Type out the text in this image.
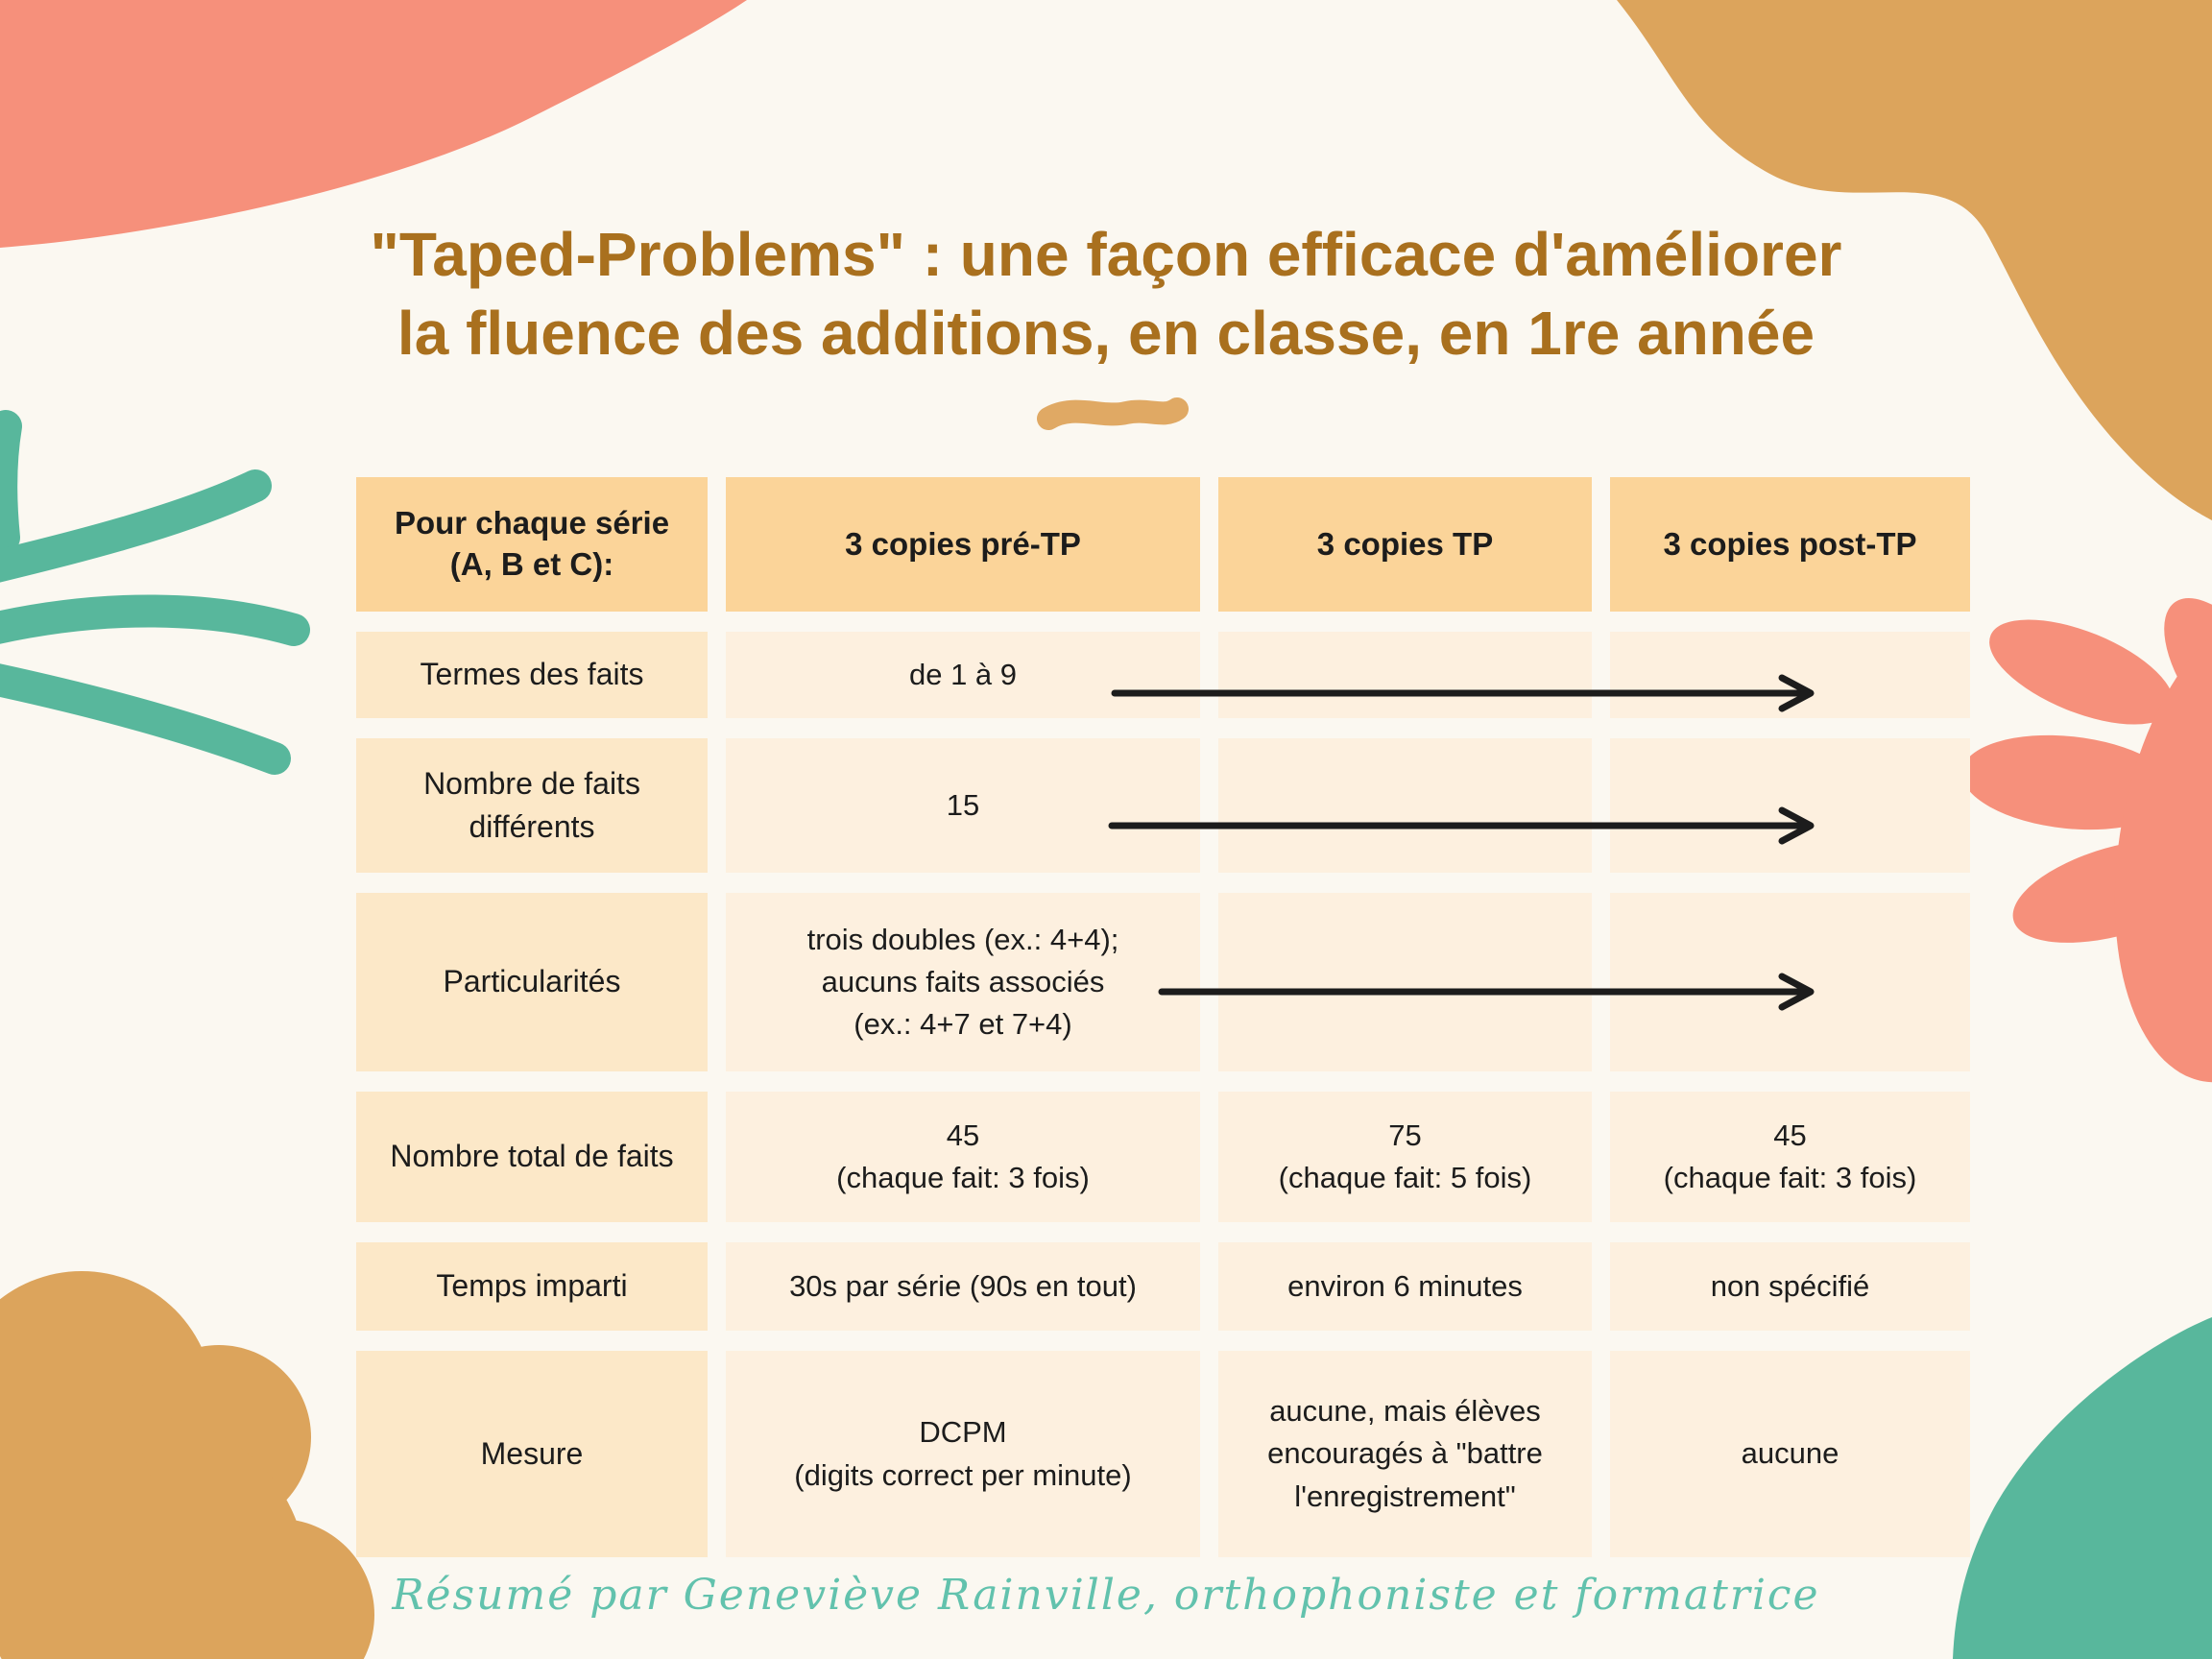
"Taped-Problems" : une façon efficace d'améliorer
la fluence des additions, en classe, en 1re année
Pour chaque série (A, B et C):
3 copies pré-TP	3 copies TP	3 copies post-TP
Termes des faits	de 1 à 9
Nombre de faits différents
15
Particularités
trois doubles (ex.: 4+4);
aucuns faits associés
(ex.: 4+7 et 7+4)
Nombre total de faits
45
(chaque fait: 3 fois)
75
(chaque fait: 5 fois)
45
(chaque fait: 3 fois)
Temps imparti	30s par série (90s en tout)	environ 6 minutes	non spécifié
Mesure
DCPM
(digits correct per minute)
aucune, mais élèves
encouragés à "battre
l'enregistrement"
aucune
Résumé par Geneviève Rainville, orthophoniste et formatrice
